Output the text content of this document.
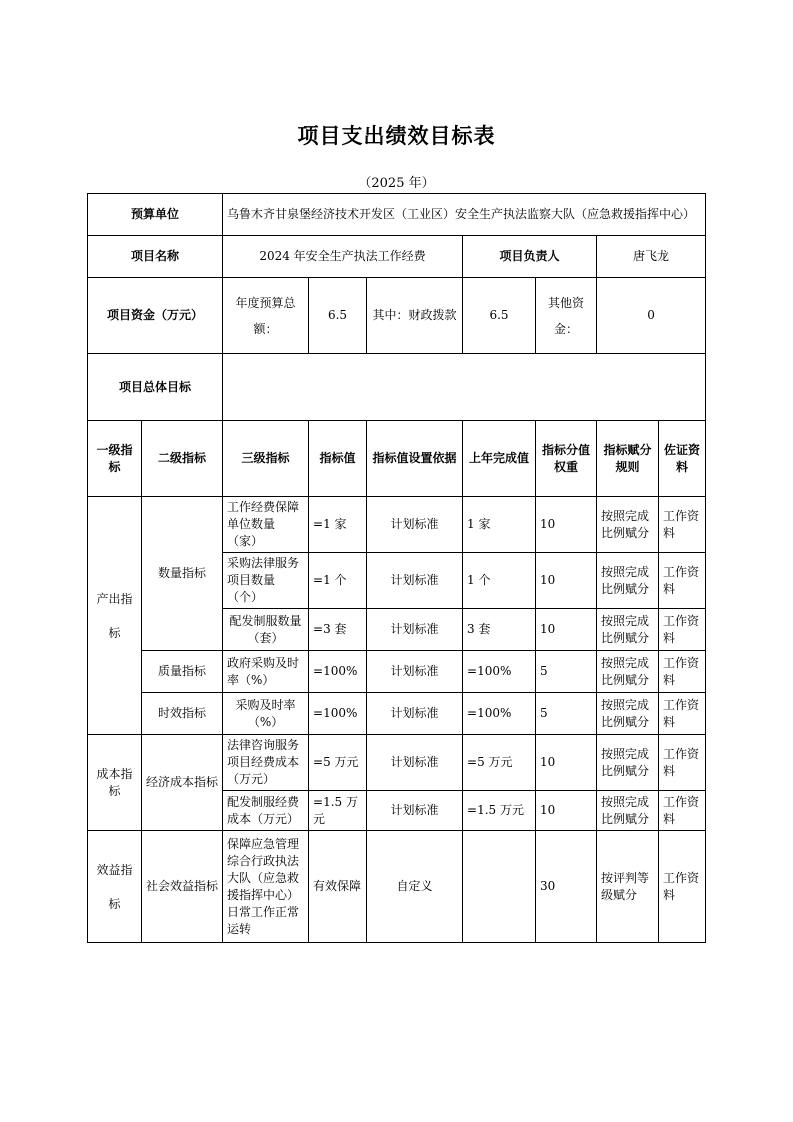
项目支出绩效目标表
（2025 年）
预算单位		乌鲁木齐甘泉堡经济技术开发区（工业区）安全生产执法监察大队（应急救援指挥中心）						
项目名称		2024 年安全生产执法工作经费			项目负责人		唐飞龙	
项目资金（万元）		年度预算总额：	6.5	其中：财政拨款	6.5	其他资金：	0	
项目总体目标								
一级指标	二级指标	三级指标	指标值	指标值设置依据	上年完成值	指标分值权重	指标赋分规则	佐证资料
产出指标	数量指标	工作经费保障单位数量（家）	=1 家	计划标准	1 家	10	按照完成比例赋分	工作资料
		采购法律服务项目数量（个）	=1 个	计划标准	1 个	10	按照完成比例赋分	工作资料
		配发制服数量（套）	=3 套	计划标准	3 套	10	按照完成比例赋分	工作资料
	质量指标	政府采购及时率（%）	=100%	计划标准	=100%	5	按照完成比例赋分	工作资料
	时效指标	采购及时率（%）	=100%	计划标准	=100%	5	按照完成比例赋分	工作资料
成本指标	经济成本指标	法律咨询服务项目经费成本（万元）	=5 万元	计划标准	=5 万元	10	按照完成比例赋分	工作资料
		配发制服经费成本（万元）	=1.5 万元	计划标准	=1.5 万元	10	按照完成比例赋分	工作资料
效益指标	社会效益指标	保障应急管理综合行政执法大队（应急救援指挥中心）日常工作正常运转	有效保障	自定义		30	按评判等级赋分	工作资料
